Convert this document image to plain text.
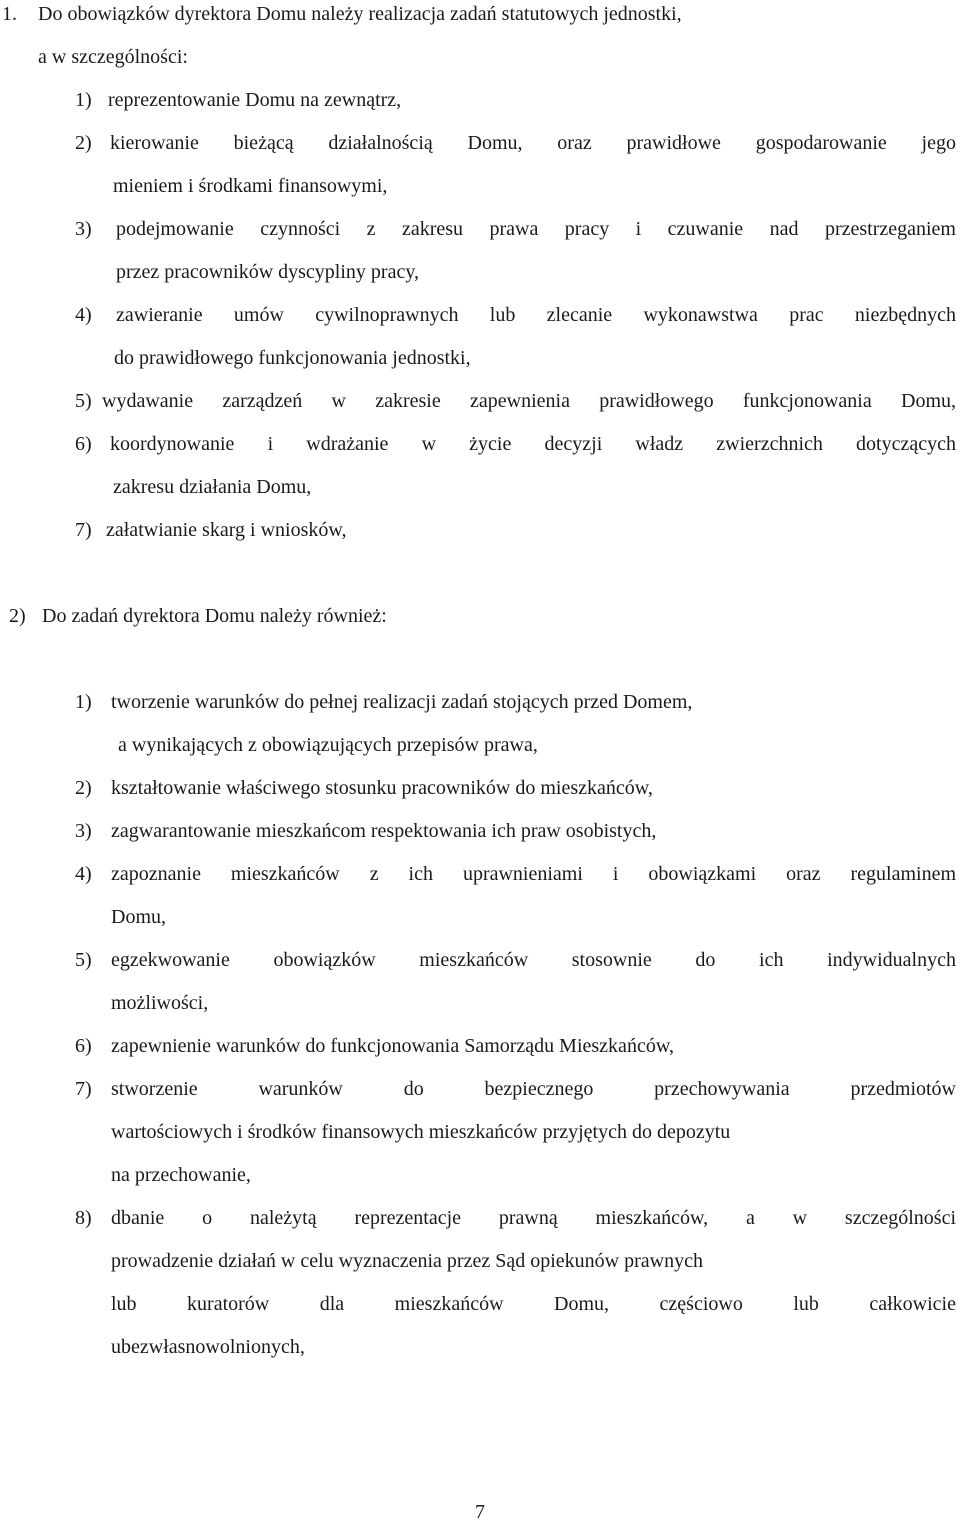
1. Do obowiązków dyrektora Domu należy realizacja zadań statutowych jednostki,
a w szczególności:
1) reprezentowanie Domu na zewnątrz,
2) kierowanie bieżącą działalnością Domu, oraz prawidłowe gospodarowanie jego
mieniem i środkami finansowymi,
3) podejmowanie czynności z zakresu prawa pracy i czuwanie nad przestrzeganiem
przez pracowników dyscypliny pracy,
4) zawieranie umów cywilnoprawnych lub zlecanie wykonawstwa prac niezbędnych
do prawidłowego funkcjonowania jednostki,
5) wydawanie zarządzeń w zakresie zapewnienia prawidłowego funkcjonowania Domu,
6) koordynowanie i wdrażanie w życie decyzji władz zwierzchnich dotyczących
zakresu działania Domu,
7) załatwianie skarg i wniosków,
2) Do zadań dyrektora Domu należy również:
1) tworzenie warunków do pełnej realizacji zadań stojących przed Domem,
a wynikających z obowiązujących przepisów prawa,
2) kształtowanie właściwego stosunku pracowników do mieszkańców,
3) zagwarantowanie mieszkańcom respektowania ich praw osobistych,
4) zapoznanie mieszkańców z ich uprawnieniami i obowiązkami oraz regulaminem
Domu,
5) egzekwowanie obowiązków mieszkańców stosownie do ich indywidualnych
możliwości,
6) zapewnienie warunków do funkcjonowania Samorządu Mieszkańców,
7) stworzenie warunków do bezpiecznego przechowywania przedmiotów
wartościowych i środków finansowych mieszkańców przyjętych do depozytu
na przechowanie,
8) dbanie o należytą reprezentacje prawną mieszkańców, a w szczególności
prowadzenie działań w celu wyznaczenia przez Sąd opiekunów prawnych
lub kuratorów dla mieszkańców Domu, częściowo lub całkowicie
ubezwłasnowolnionych,
7
